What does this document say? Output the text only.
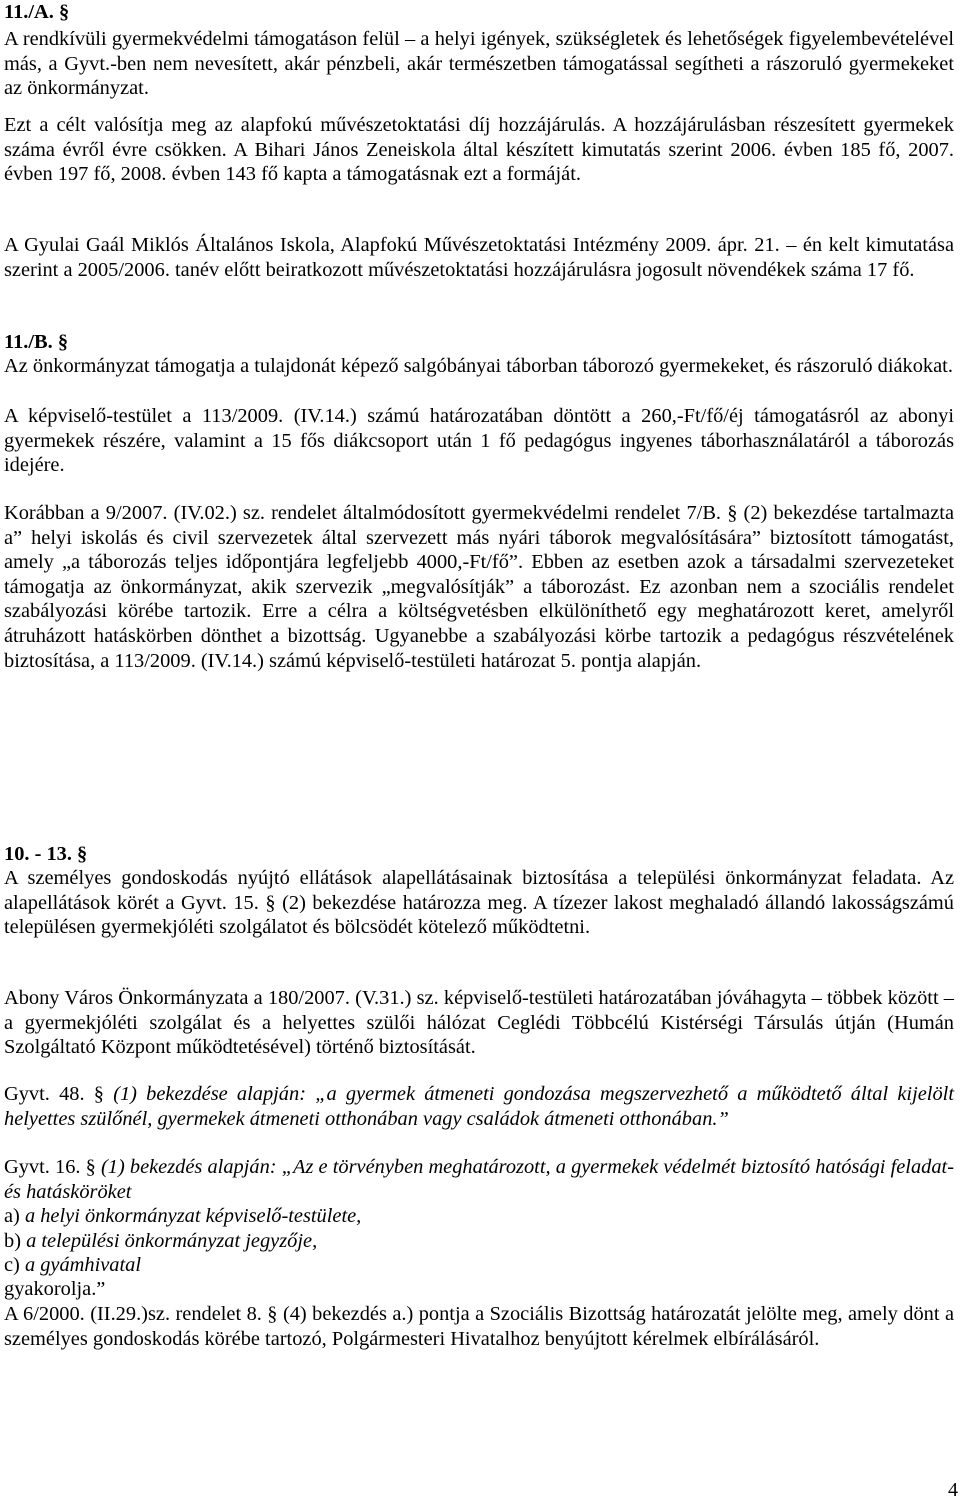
11./A. §
A rendkívüli gyermekvédelmi támogatáson felül – a helyi igények, szükségletek és lehetőségek figyelembevételével más, a Gyvt.-ben nem nevesített, akár pénzbeli, akár természetben támogatással segítheti a rászoruló gyermekeket az önkormányzat.
Ezt a célt valósítja meg az alapfokú művészetoktatási díj hozzájárulás. A hozzájárulásban részesített gyermekek száma évről évre csökken. A Bihari János Zeneiskola által készített kimutatás szerint 2006. évben 185 fő, 2007. évben 197 fő, 2008. évben 143 fő kapta a támogatásnak ezt a formáját.
A Gyulai Gaál Miklós Általános Iskola, Alapfokú Művészetoktatási Intézmény 2009. ápr. 21. – én kelt kimutatása szerint a 2005/2006. tanév előtt beiratkozott művészetoktatási hozzájárulásra jogosult növendékek száma 17 fő.
11./B. §
Az önkormányzat támogatja a tulajdonát képező salgóbányai táborban táborozó gyermekeket, és rászoruló diákokat.
A képviselő-testület a 113/2009. (IV.14.) számú határozatában döntött a 260,-Ft/fő/éj támogatásról az abonyi gyermekek részére, valamint a 15 fős diákcsoport után 1 fő pedagógus ingyenes táborhasználatáról a táborozás idejére.
Korábban a 9/2007. (IV.02.) sz. rendelet általmódosított gyermekvédelmi rendelet 7/B. § (2) bekezdése tartalmazta a” helyi iskolás és civil szervezetek által szervezett más nyári táborok megvalósítására” biztosított támogatást, amely „a táborozás teljes időpontjára legfeljebb 4000,-Ft/fő”. Ebben az esetben azok a társadalmi szervezeteket támogatja az önkormányzat, akik szervezik „megvalósítják” a táborozást. Ez azonban nem a szociális rendelet szabályozási körébe tartozik. Erre a célra a költségvetésben elkülöníthető egy meghatározott keret, amelyről átruházott hatáskörben dönthet a bizottság. Ugyanebbe a szabályozási körbe tartozik a pedagógus részvételének biztosítása, a 113/2009. (IV.14.) számú képviselő-testületi határozat 5. pontja alapján.
10. - 13. §
A személyes gondoskodás nyújtó ellátások alapellátásainak biztosítása a települési önkormányzat feladata. Az alapellátások körét a Gyvt. 15. § (2) bekezdése határozza meg. A tízezer lakost meghaladó állandó lakosságszámú településen gyermekjóléti szolgálatot és bölcsödét kötelező működtetni.
Abony Város Önkormányzata a 180/2007. (V.31.) sz. képviselő-testületi határozatában jóváhagyta – többek között – a gyermekjóléti szolgálat és a helyettes szülői hálózat Ceglédi Többcélú Kistérségi Társulás útján (Humán Szolgáltató Központ működtetésével) történő biztosítását.
Gyvt. 48. § (1) bekezdése alapján: „a gyermek átmeneti gondozása megszervezhető a működtető által kijelölt helyettes szülőnél, gyermekek átmeneti otthonában vagy családok átmeneti otthonában.”
Gyvt. 16. § (1) bekezdés alapján: „Az e törvényben meghatározott, a gyermekek védelmét biztosító hatósági feladat- és hatásköröket
a) a helyi önkormányzat képviselő-testülete,
b) a települési önkormányzat jegyzője,
c) a gyámhivatal
gyakorolja.”
A 6/2000. (II.29.)sz. rendelet 8. § (4) bekezdés a.) pontja a Szociális Bizottság határozatát jelölte meg, amely dönt a személyes gondoskodás körébe tartozó, Polgármesteri Hivatalhoz benyújtott kérelmek elbírálásáról.
4
